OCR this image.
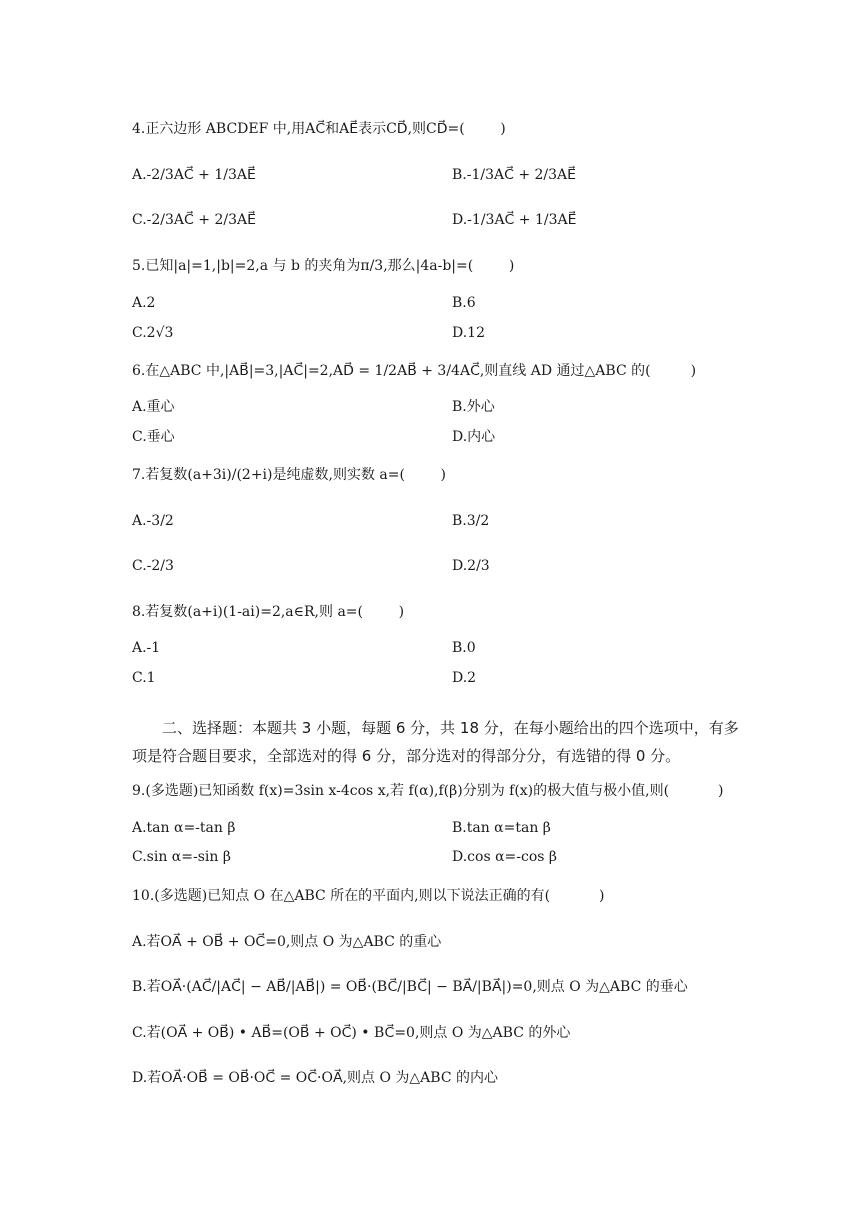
4.正六边形 ABCDEF 中,用AC⃗和AE⃗表示CD⃗,则CD⃗=(        )
A.-2/3AC⃗ + 1/3AE⃗	B.-1/3AC⃗ + 2/3AE⃗
C.-2/3AC⃗ + 2/3AE⃗	D.-1/3AC⃗ + 1/3AE⃗
5.已知|a|=1,|b|=2,a 与 b 的夹角为π/3,那么|4a-b|=(        )
A.2	B.6
C.2√3	D.12
6.在△ABC 中,|AB⃗|=3,|AC⃗|=2,AD⃗ = 1/2AB⃗ + 3/4AC⃗,则直线 AD 通过△ABC 的(         )
A.重心	B.外心
C.垂心	D.内心
7.若复数(a+3i)/(2+i)是纯虚数,则实数 a=(        )
A.-3/2	B.3/2
C.-2/3	D.2/3
8.若复数(a+i)(1-ai)=2,a∈R,则 a=(        )
A.-1	B.0
C.1	D.2
二、选择题：本题共 3 小题，每题 6 分，共 18 分，在每小题给出的四个选项中，有多
项是符合题目要求，全部选对的得 6 分，部分选对的得部分分，有选错的得 0 分。
9.(多选题)已知函数 f(x)=3sin x-4cos x,若 f(α),f(β)分别为 f(x)的极大值与极小值,则(           )
A.tan α=-tan β	B.tan α=tan β
C.sin α=-sin β	D.cos α=-cos β
10.(多选题)已知点 O 在△ABC 所在的平面内,则以下说法正确的有(           )
A.若OA⃗ + OB⃗ + OC⃗=0,则点 O 为△ABC 的重心
B.若OA⃗·(AC⃗/|AC⃗| − AB⃗/|AB⃗|) = OB⃗·(BC⃗/|BC⃗| − BA⃗/|BA⃗|)=0,则点 O 为△ABC 的垂心
C.若(OA⃗ + OB⃗) • AB⃗=(OB⃗ + OC⃗) • BC⃗=0,则点 O 为△ABC 的外心
D.若OA⃗·OB⃗ = OB⃗·OC⃗ = OC⃗·OA⃗,则点 O 为△ABC 的内心
